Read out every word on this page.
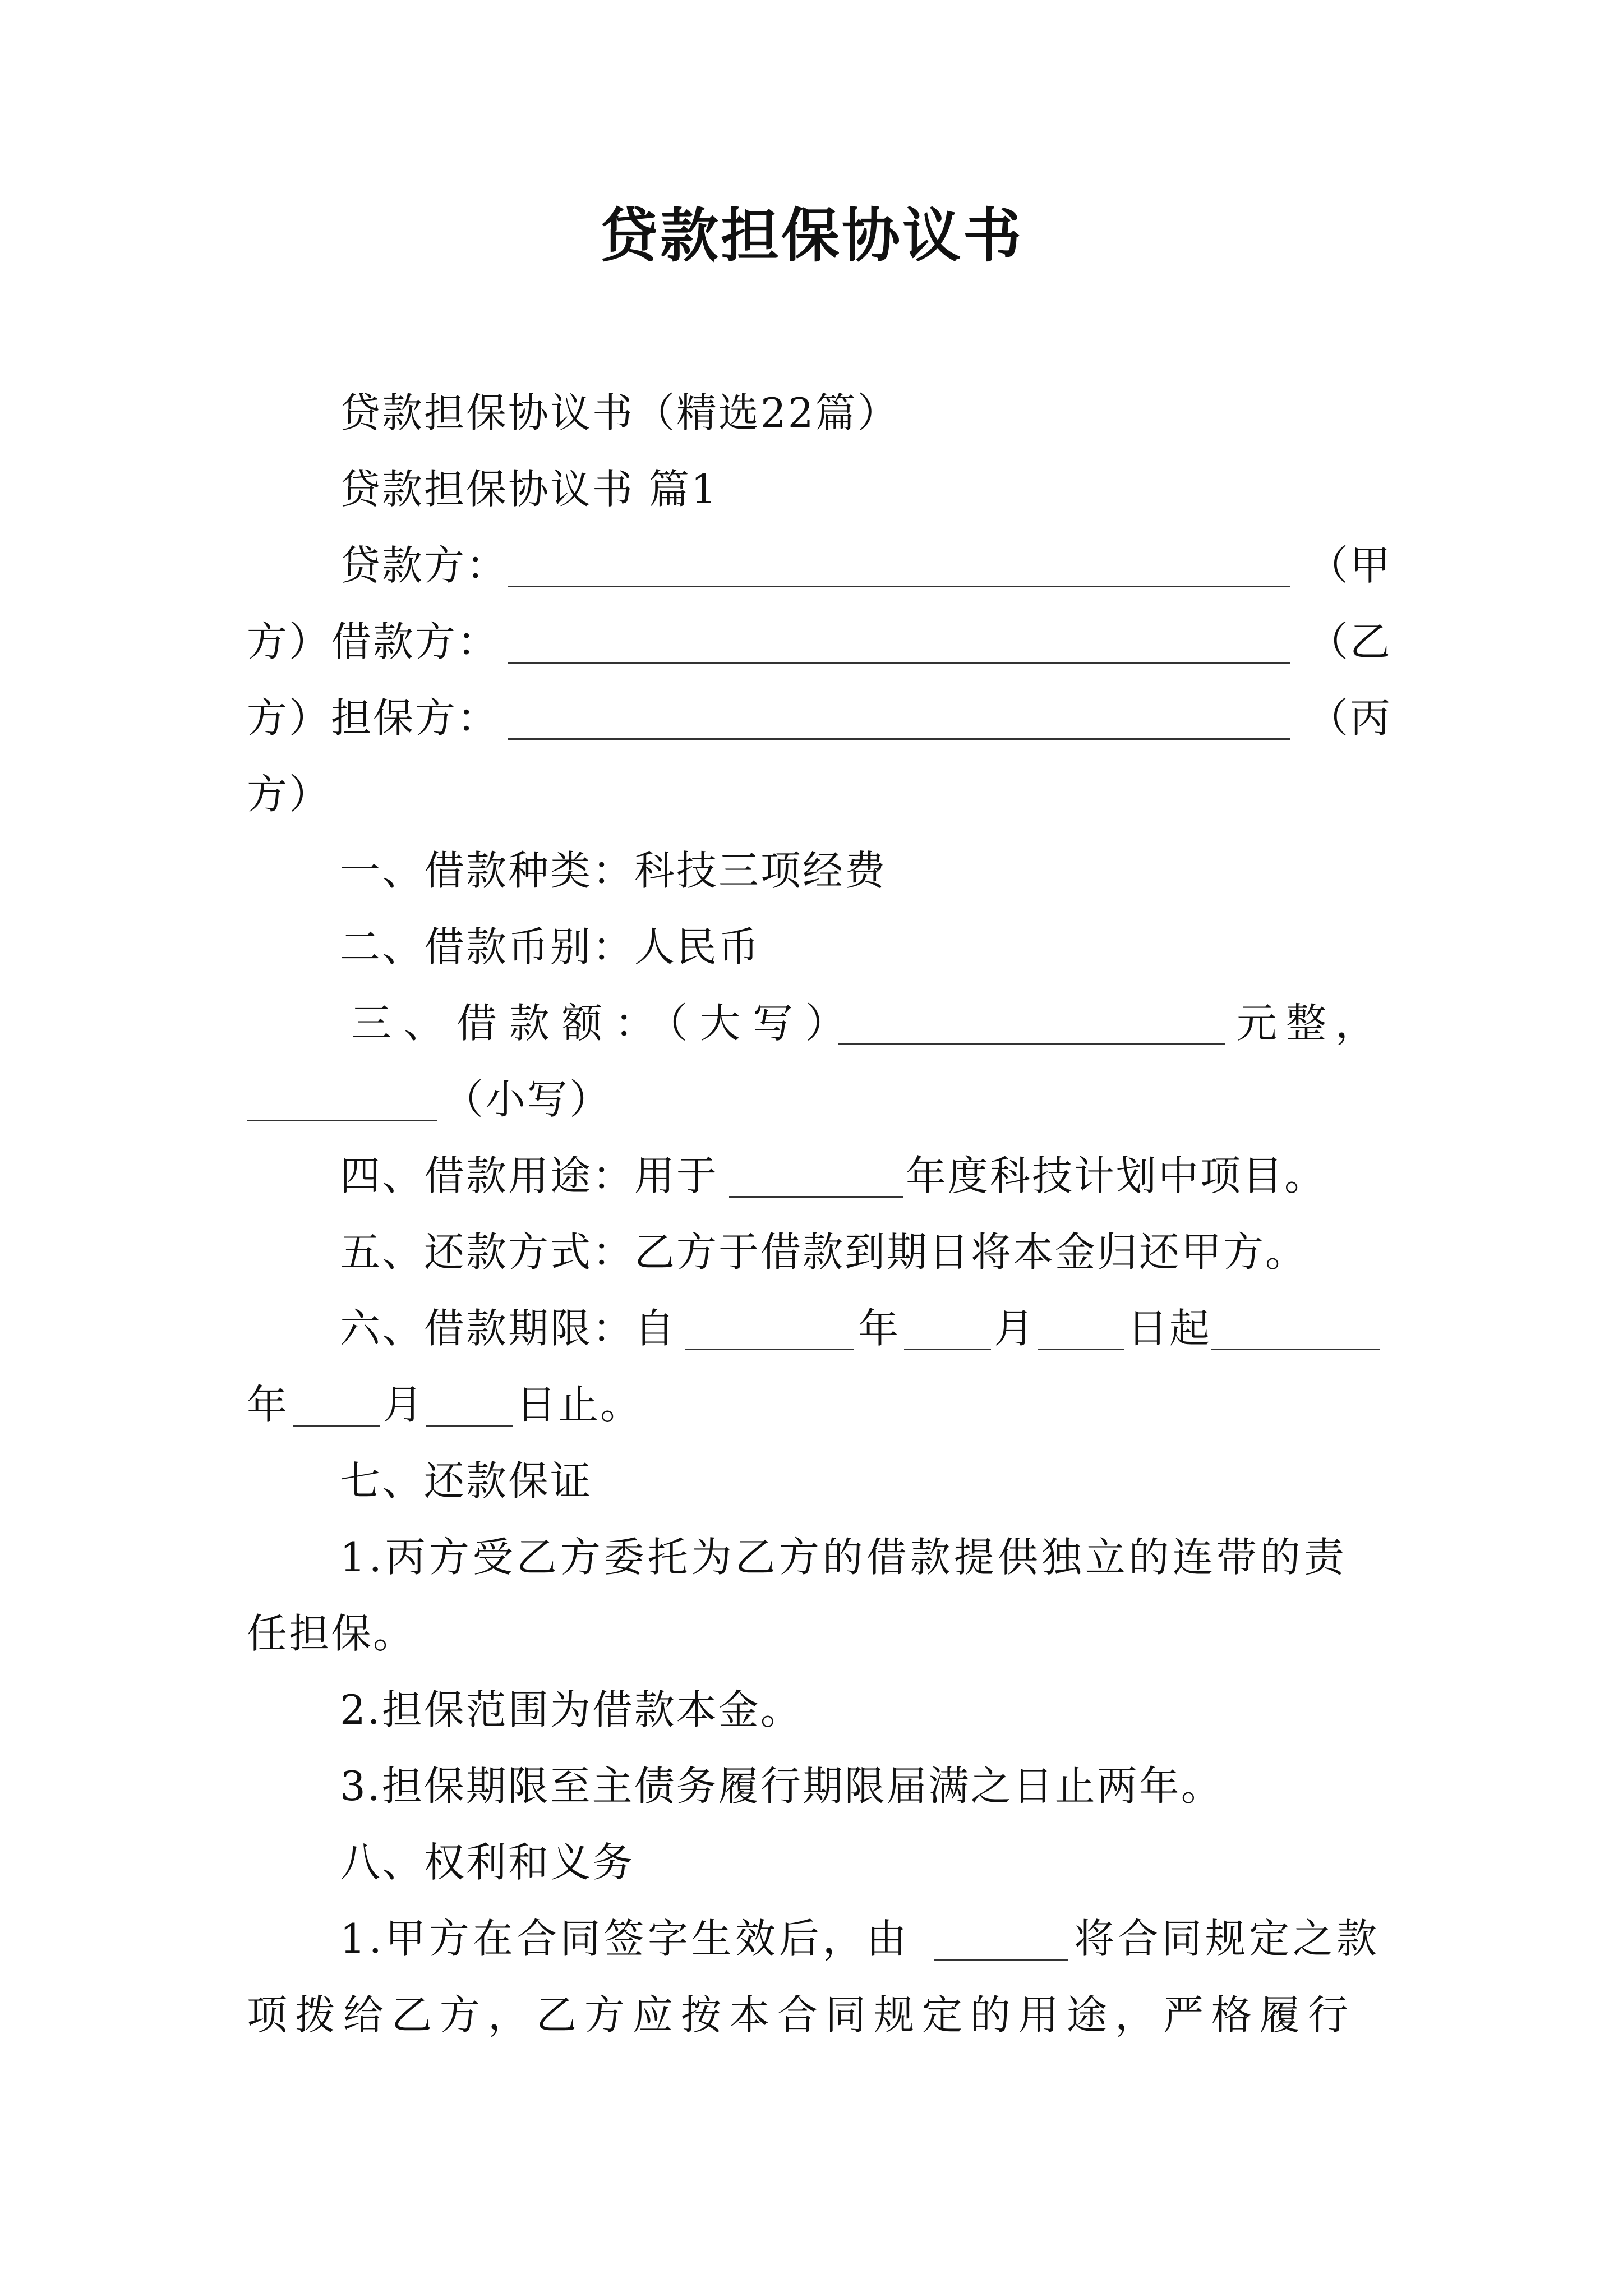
贷款担保协议书
贷款担保协议书（精选22篇）
贷款担保协议书 篇1
贷款方：	（甲
方）借款方：	（乙
方）担保方：	（丙
方）
一、借款种类：科技三项经费
二、借款币别：人民币
三、借款额：（大写）	元整，
（小写）
四、借款用途：用于	年度科技计划中项目。
五、还款方式：乙方于借款到期日将本金归还甲方。
六、借款期限：自	年 月 日起
年 月 日止。
七、还款保证
1.丙方受乙方委托为乙方的借款提供独立的连带的责
任担保。
2.担保范围为借款本金。
3.担保期限至主债务履行期限届满之日止两年。
八、权利和义务
1.甲方在合同签字生效后，由	将合同规定之款
项拨给乙方，乙方应按本合同规定的用途，严格履行
